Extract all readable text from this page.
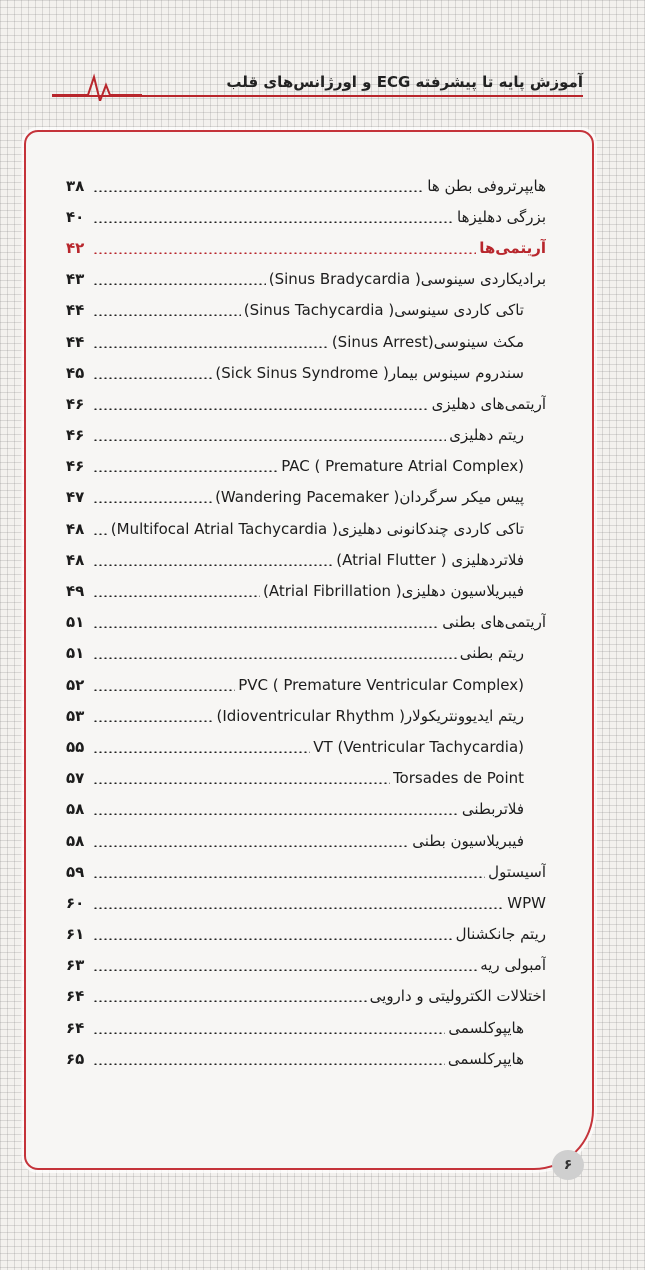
آموزش پایه تا پیشرفته ECG و اورژانس‌های قلب
هایپرتروفی بطن ها
۳۸
بزرگی دهلیزها
۴۰
آریتمی‌ها
۴۲
برادیکاردی سینوسی( Sinus Bradycardia)
۴۳
تاکی کاردی سینوسی( Sinus Tachycardia)
۴۴
مکث سینوسی(Sinus Arrest)
۴۴
سندروم سینوس بیمار( Sick Sinus Syndrome)
۴۵
آریتمی‌های دهلیزی
۴۶
ریتم دهلیزی
۴۶
PAC ( Premature Atrial Complex)
۴۶
پیس میکر سرگردان( Wandering Pacemaker)
۴۷
تاکی کاردی چندکانونی دهلیزی( Multifocal Atrial Tachycardia)
۴۸
فلاتردهلیزی ( Atrial Flutter)
۴۸
فیبریلاسیون دهلیزی( Atrial Fibrillation)
۴۹
آریتمی‌های بطنی
۵۱
ریتم بطنی
۵۱
PVC ( Premature Ventricular Complex)
۵۲
ریتم ایدیوونتریکولار( Idioventricular Rhythm)
۵۳
VT (Ventricular Tachycardia)
۵۵
Torsades de Point
۵۷
فلاتربطنی
۵۸
فیبریلاسیون بطنی
۵۸
آسیستول
۵۹
WPW
۶۰
ریتم جانکشنال
۶۱
آمبولی ریه
۶۳
اختلالات الکترولیتی و دارویی
۶۴
هایپوکلسمی
۶۴
هایپرکلسمی
۶۵
۶
